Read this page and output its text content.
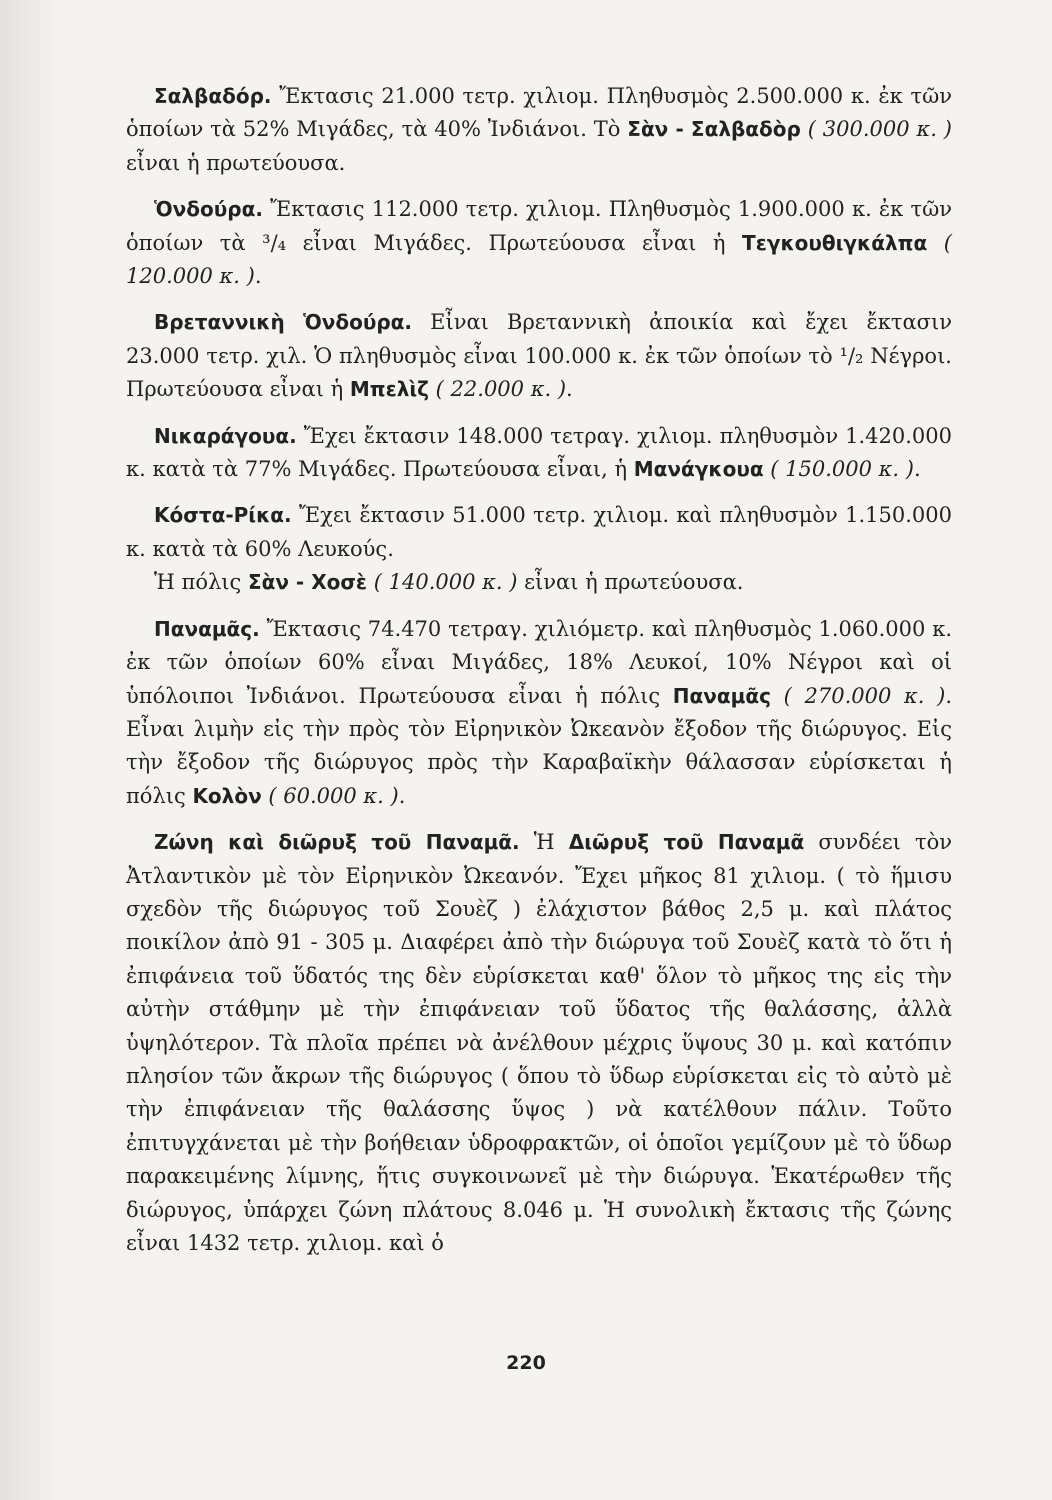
Σαλβαδόρ. Ἔκτασις 21.000 τετρ. χιλιομ. Πληθυσμὸς 2.500.000 κ. ἐκ τῶν ὁποίων τὰ 52% Μιγάδες, τὰ 40% Ἰνδιάνοι. Τὸ Σὰν - Σαλβαδὸρ ( 300.000 κ. ) εἶναι ἡ πρωτεύουσα.

Ὁνδούρα. Ἔκτασις 112.000 τετρ. χιλιομ. Πληθυσμὸς 1.900.000 κ. ἐκ τῶν ὁποίων τὰ ³/₄ εἶναι Μιγάδες. Πρωτεύουσα εἶναι ἡ Τεγκουθιγκάλπα ( 120.000 κ. ).

Βρεταννικὴ Ὁνδούρα. Εἶναι Βρεταννικὴ ἀποικία καὶ ἔχει ἔκτασιν 23.000 τετρ. χιλ. Ὁ πληθυσμὸς εἶναι 100.000 κ. ἐκ τῶν ὁποίων τὸ ¹/₂ Νέγροι. Πρωτεύουσα εἶναι ἡ Μπελὶζ ( 22.000 κ. ).

Νικαράγουα. Ἔχει ἔκτασιν 148.000 τετραγ. χιλιομ. πληθυσμὸν 1.420.000 κ. κατὰ τὰ 77% Μιγάδες. Πρωτεύουσα εἶναι, ἡ Μανάγκουα ( 150.000 κ. ).

Κόστα-Ρίκα. Ἔχει ἔκτασιν 51.000 τετρ. χιλιομ. καὶ πληθυσμὸν 1.150.000 κ. κατὰ τὰ 60% Λευκούς.

Ἡ πόλις Σὰν - Χοσὲ ( 140.000 κ. ) εἶναι ἡ πρωτεύουσα.

Παναμᾶς. Ἔκτασις 74.470 τετραγ. χιλιόμετρ. καὶ πληθυσμὸς 1.060.000 κ. ἐκ τῶν ὁποίων 60% εἶναι Μιγάδες, 18% Λευκοί, 10% Νέγροι καὶ οἱ ὑπόλοιποι Ἰνδιάνοι. Πρωτεύουσα εἶναι ἡ πόλις Παναμᾶς ( 270.000 κ. ). Εἶναι λιμὴν εἰς τὴν πρὸς τὸν Εἰρηνικὸν Ὠκεανὸν ἔξοδον τῆς διώρυγος. Εἰς τὴν ἔξοδον τῆς διώρυγος πρὸς τὴν Καραβαϊκὴν θάλασσαν εὑρίσκεται ἡ πόλις Κολὸν ( 60.000 κ. ).

Ζώνη καὶ διῶρυξ τοῦ Παναμᾶ. Ἡ Διῶρυξ τοῦ Παναμᾶ συνδέει τὸν Ἀτλαντικὸν μὲ τὸν Εἰρηνικὸν Ὠκεανόν. Ἔχει μῆκος 81 χιλιομ. ( τὸ ἥμισυ σχεδὸν τῆς διώρυγος τοῦ Σουὲζ ) ἐλάχιστον βάθος 2,5 μ. καὶ πλάτος ποικίλον ἀπὸ 91 - 305 μ. Διαφέρει ἀπὸ τὴν διώρυγα τοῦ Σουὲζ κατὰ τὸ ὅτι ἡ ἐπιφάνεια τοῦ ὕδατός της δὲν εὑρίσκεται καθ' ὅλον τὸ μῆκος της εἰς τὴν αὐτὴν στάθμην μὲ τὴν ἐπιφάνειαν τοῦ ὕδατος τῆς θαλάσσης, ἀλλὰ ὑψηλότερον. Τὰ πλοῖα πρέπει νὰ ἀνέλθουν μέχρις ὕψους 30 μ. καὶ κατόπιν πλησίον τῶν ἄκρων τῆς διώρυγος ( ὅπου τὸ ὕδωρ εὑρίσκεται εἰς τὸ αὐτὸ μὲ τὴν ἐπιφάνειαν τῆς θαλάσσης ὕψος ) νὰ κατέλθουν πάλιν. Τοῦτο ἐπιτυγχάνεται μὲ τὴν βοήθειαν ὑδροφρακτῶν, οἱ ὁποῖοι γεμίζουν μὲ τὸ ὕδωρ παρακειμένης λίμνης, ἥτις συγκοινωνεῖ μὲ τὴν διώρυγα. Ἑκατέρωθεν τῆς διώρυγος, ὑπάρχει ζώνη πλάτους 8.046 μ. Ἡ συνολικὴ ἔκτασις τῆς ζώνης εἶναι 1432 τετρ. χιλιομ. καὶ ὁ

220
